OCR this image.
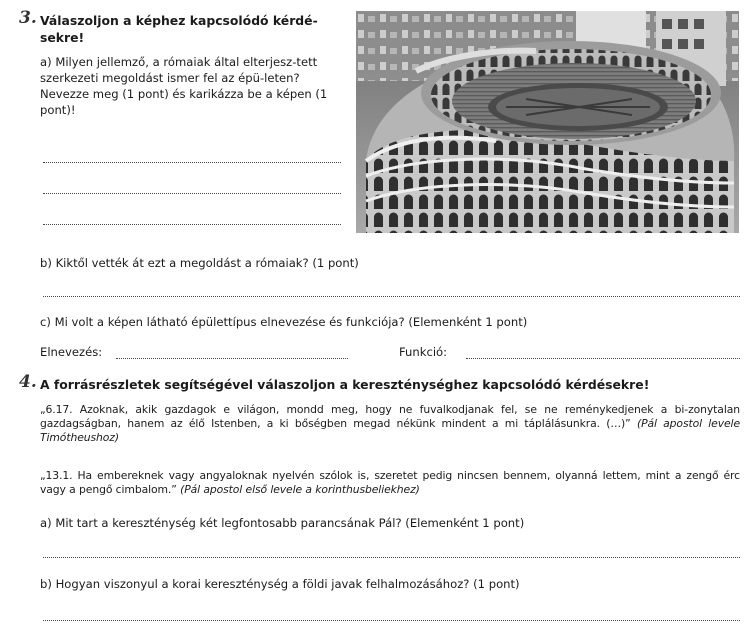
3. Válaszoljon a képhez kapcsolódó kérdé-
sekre!
a) Milyen jellemző, a rómaiak által elterjesz-tett szerkezeti megoldást ismer fel az épü-leten? Nevezze meg (1 pont) és karikázza be a képen (1 pont)!
b) Kiktől vették át ezt a megoldást a rómaiak? (1 pont)
c) Mi volt a képen látható épülettípus elnevezése és funkciója? (Elemenként 1 pont)
Elnevezés:	Funkció:
4. A forrásrészletek segítségével válaszoljon a kereszténységhez kapcsolódó kérdésekre!
„6.17. Azoknak, akik gazdagok e világon, mondd meg, hogy ne fuvalkodjanak fel, se ne reménykedjenek a bi-zonytalan gazdagságban, hanem az élő Istenben, a ki bőségben megad nékünk mindent a mi táplálásunkra. (…)” (Pál apostol levele Timótheushoz)
„13.1. Ha embereknek vagy angyaloknak nyelvén szólok is, szeretet pedig nincsen bennem, olyanná lettem, mint a zengő érc vagy a pengő cimbalom.” (Pál apostol első levele a korinthusbeliekhez)
a) Mit tart a kereszténység két legfontosabb parancsának Pál? (Elemenként 1 pont)
b) Hogyan viszonyul a korai kereszténység a földi javak felhalmozásához? (1 pont)
